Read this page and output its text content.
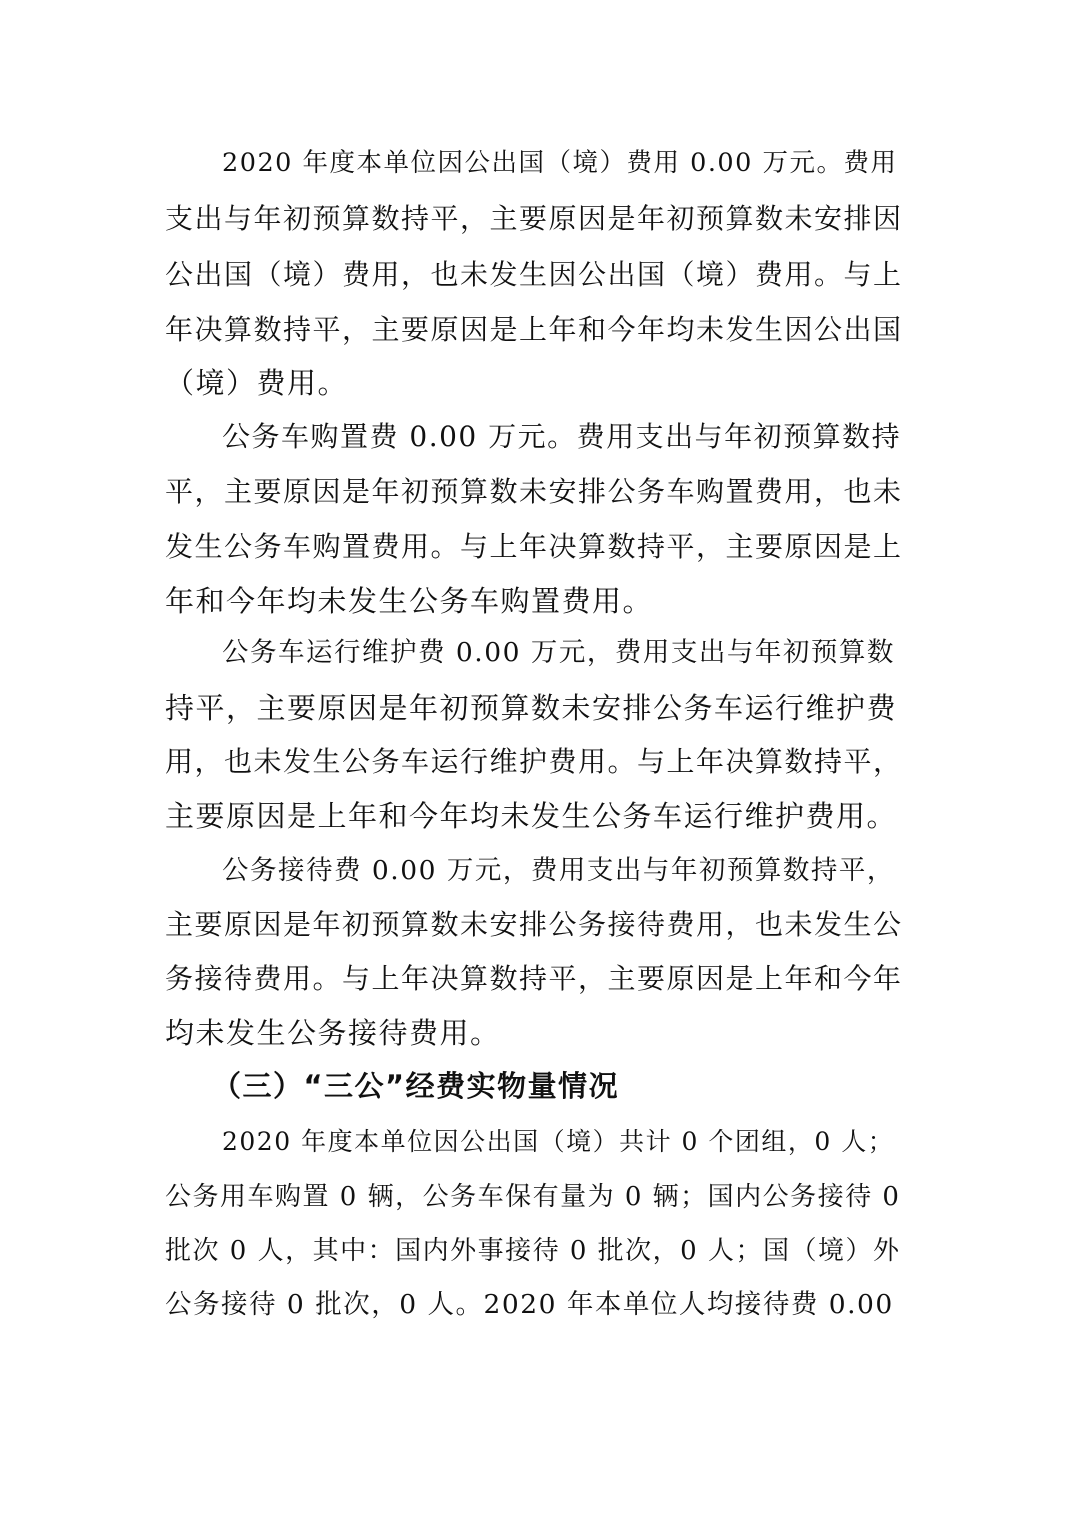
2020 年度本单位因公出国（境）费用 0.00 万元。费用
支出与年初预算数持平，主要原因是年初预算数未安排因
公出国（境）费用，也未发生因公出国（境）费用。与上
年决算数持平，主要原因是上年和今年均未发生因公出国
（境）费用。
公务车购置费 0.00 万元。费用支出与年初预算数持
平，主要原因是年初预算数未安排公务车购置费用，也未
发生公务车购置费用。与上年决算数持平，主要原因是上
年和今年均未发生公务车购置费用。
公务车运行维护费 0.00 万元，费用支出与年初预算数
持平，主要原因是年初预算数未安排公务车运行维护费
用，也未发生公务车运行维护费用。与上年决算数持平，
主要原因是上年和今年均未发生公务车运行维护费用。
公务接待费 0.00 万元，费用支出与年初预算数持平，
主要原因是年初预算数未安排公务接待费用，也未发生公
务接待费用。与上年决算数持平，主要原因是上年和今年
均未发生公务接待费用。
（三）“三公”经费实物量情况
2020 年度本单位因公出国（境）共计 0 个团组，0 人；
公务用车购置 0 辆，公务车保有量为 0 辆；国内公务接待 0
批次 0 人，其中：国内外事接待 0 批次，0 人；国（境）外
公务接待 0 批次，0 人。2020 年本单位人均接待费 0.00
